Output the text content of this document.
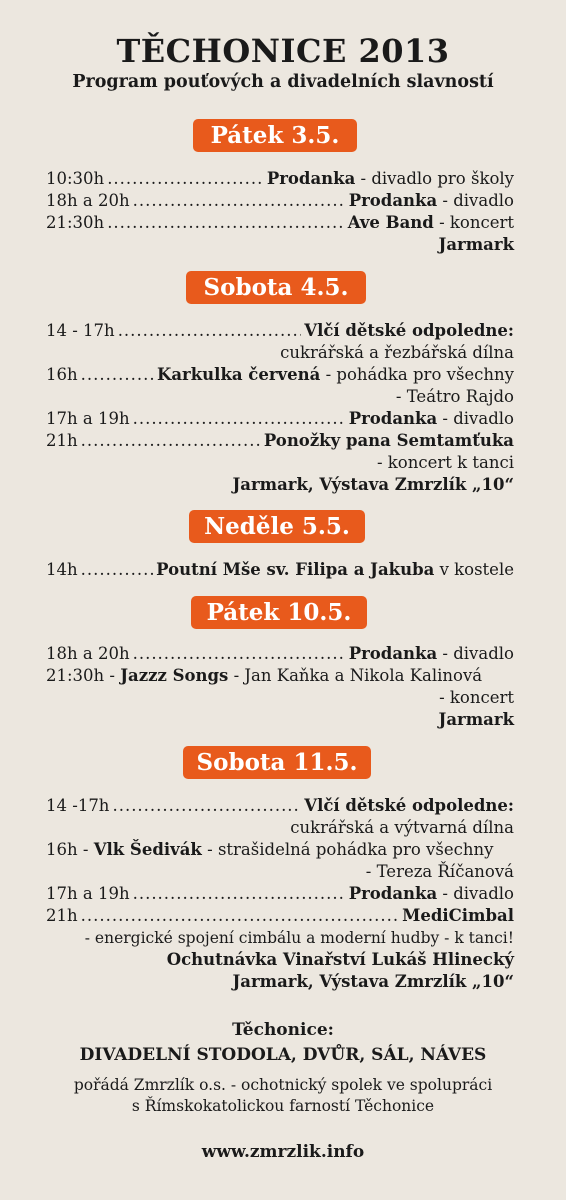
TĚCHONICE 2013
Program pouťových a divadelních slavností
Pátek 3.5.
10:30h .....	Prodanka - divadlo pro školy
18h a 20h .....	Prodanka - divadlo
21:30h .....	Ave Band - koncert
Jarmark
Sobota 4.5.
14 - 17h .....	Vlčí dětské odpoledne:
cukrářská a řezbářská dílna
16h .....	Karkulka červená - pohádka pro všechny
- Teátro Rajdo
17h a 19h .....	Prodanka - divadlo
21h .....	Ponožky pana Semtamťuka
- koncert k tanci
Jarmark, Výstava Zmrzlík „10“
Neděle 5.5.
14h .....	Poutní Mše sv. Filipa a Jakuba v kostele
Pátek 10.5.
18h a 20h .....	Prodanka - divadlo
21:30h - Jazzz Songs - Jan Kaňka a Nikola Kalinová
- koncert
Jarmark
Sobota 11.5.
14 -17h .....	Vlčí dětské odpoledne:
cukrářská a výtvarná dílna
16h - Vlk Šedivák - strašidelná pohádka pro všechny
- Tereza Říčanová
17h a 19h .....	Prodanka - divadlo
21h .....	MediCimbal
- energické spojení cimbálu a moderní hudby - k tanci!
Ochutnávka Vinařství Lukáš Hlinecký
Jarmark, Výstava Zmrzlík „10“
Těchonice:
DIVADELNÍ STODOLA, DVŮR, SÁL, NÁVES
pořádá Zmrzlík o.s. - ochotnický spolek ve spolupráci
s Římskokatolickou farností Těchonice
www.zmrzlik.info
